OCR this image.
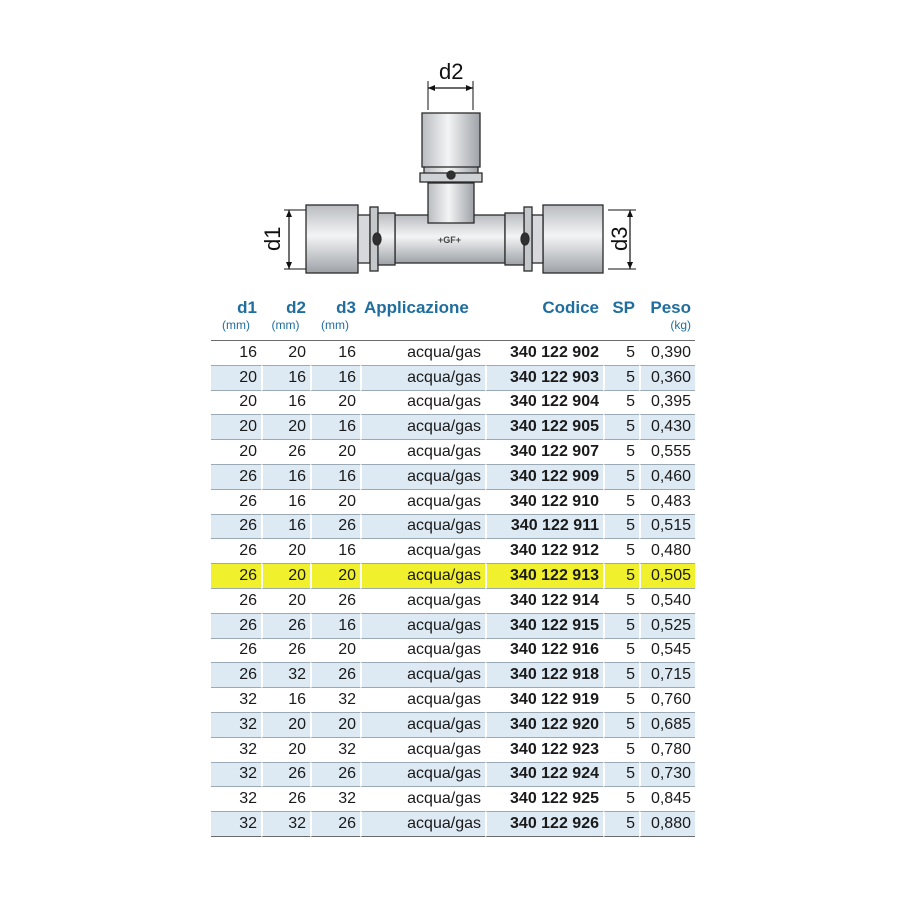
d2
d1	d3
+GF+
d1	d2	d3	Applicazione	Codice	SP	Peso
(mm)	(mm)	(mm)				(kg)
16	20	16	acqua/gas	340 122 902	5	0,390
20	16	16	acqua/gas	340 122 903	5	0,360
20	16	20	acqua/gas	340 122 904	5	0,395
20	20	16	acqua/gas	340 122 905	5	0,430
20	26	20	acqua/gas	340 122 907	5	0,555
26	16	16	acqua/gas	340 122 909	5	0,460
26	16	20	acqua/gas	340 122 910	5	0,483
26	16	26	acqua/gas	340 122 911	5	0,515
26	20	16	acqua/gas	340 122 912	5	0,480
26	20	20	acqua/gas	340 122 913	5	0,505
26	20	26	acqua/gas	340 122 914	5	0,540
26	26	16	acqua/gas	340 122 915	5	0,525
26	26	20	acqua/gas	340 122 916	5	0,545
26	32	26	acqua/gas	340 122 918	5	0,715
32	16	32	acqua/gas	340 122 919	5	0,760
32	20	20	acqua/gas	340 122 920	5	0,685
32	20	32	acqua/gas	340 122 923	5	0,780
32	26	26	acqua/gas	340 122 924	5	0,730
32	26	32	acqua/gas	340 122 925	5	0,845
32	32	26	acqua/gas	340 122 926	5	0,880
